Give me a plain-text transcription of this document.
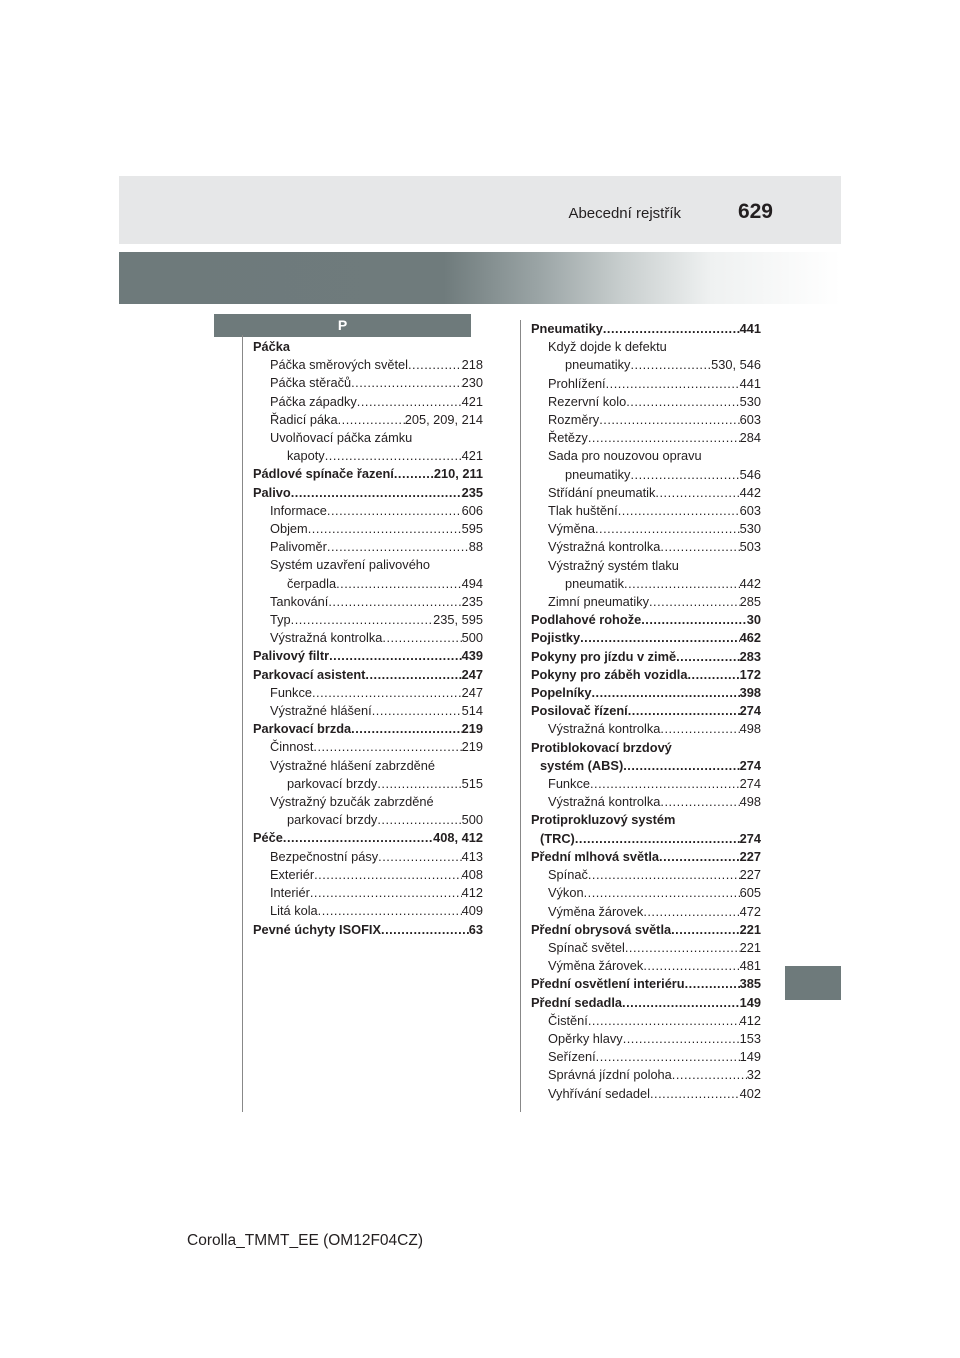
Abecední rejstřík	629
P
Páčka
Páčka směrových světel .....	218
Páčka stěračů .....	230
Páčka západky .....	421
Řadicí páka .....	205, 209, 214
Uvolňovací páčka zámku
kapoty .....	421
Pádlové spínače řazení .....	210, 211
Palivo .....	235
Informace .....	606
Objem .....	595
Palivoměr .....	88
Systém uzavření palivového
čerpadla .....	494
Tankování .....	235
Typ .....	235, 595
Výstražná kontrolka .....	500
Palivový filtr .....	439
Parkovací asistent .....	247
Funkce .....	247
Výstražné hlášení .....	514
Parkovací brzda .....	219
Činnost .....	219
Výstražné hlášení zabrzděné
parkovací brzdy .....	515
Výstražný bzučák zabrzděné
parkovací brzdy .....	500
Péče .....	408, 412
Bezpečnostní pásy .....	413
Exteriér .....	408
Interiér .....	412
Litá kola .....	409
Pevné úchyty ISOFIX .....	63
Pneumatiky .....	441
Když dojde k defektu
pneumatiky .....	530, 546
Prohlížení .....	441
Rezervní kolo .....	530
Rozměry .....	603
Řetězy .....	284
Sada pro nouzovou opravu
pneumatiky .....	546
Střídání pneumatik .....	442
Tlak huštění .....	603
Výměna .....	530
Výstražná kontrolka .....	503
Výstražný systém tlaku
pneumatik .....	442
Zimní pneumatiky .....	285
Podlahové rohože .....	30
Pojistky .....	462
Pokyny pro jízdu v zimě .....	283
Pokyny pro záběh vozidla .....	172
Popelníky .....	398
Posilovač řízení .....	274
Výstražná kontrolka .....	498
Protiblokovací brzdový
systém (ABS) .....	274
Funkce .....	274
Výstražná kontrolka .....	498
Protiprokluzový systém
(TRC) .....	274
Přední mlhová světla .....	227
Spínač .....	227
Výkon .....	605
Výměna žárovek .....	472
Přední obrysová světla .....	221
Spínač světel .....	221
Výměna žárovek .....	481
Přední osvětlení interiéru .....	385
Přední sedadla .....	149
Čistění .....	412
Opěrky hlavy .....	153
Seřízení .....	149
Správná jízdní poloha .....	32
Vyhřívání sedadel .....	402
Corolla_TMMT_EE (OM12F04CZ)
